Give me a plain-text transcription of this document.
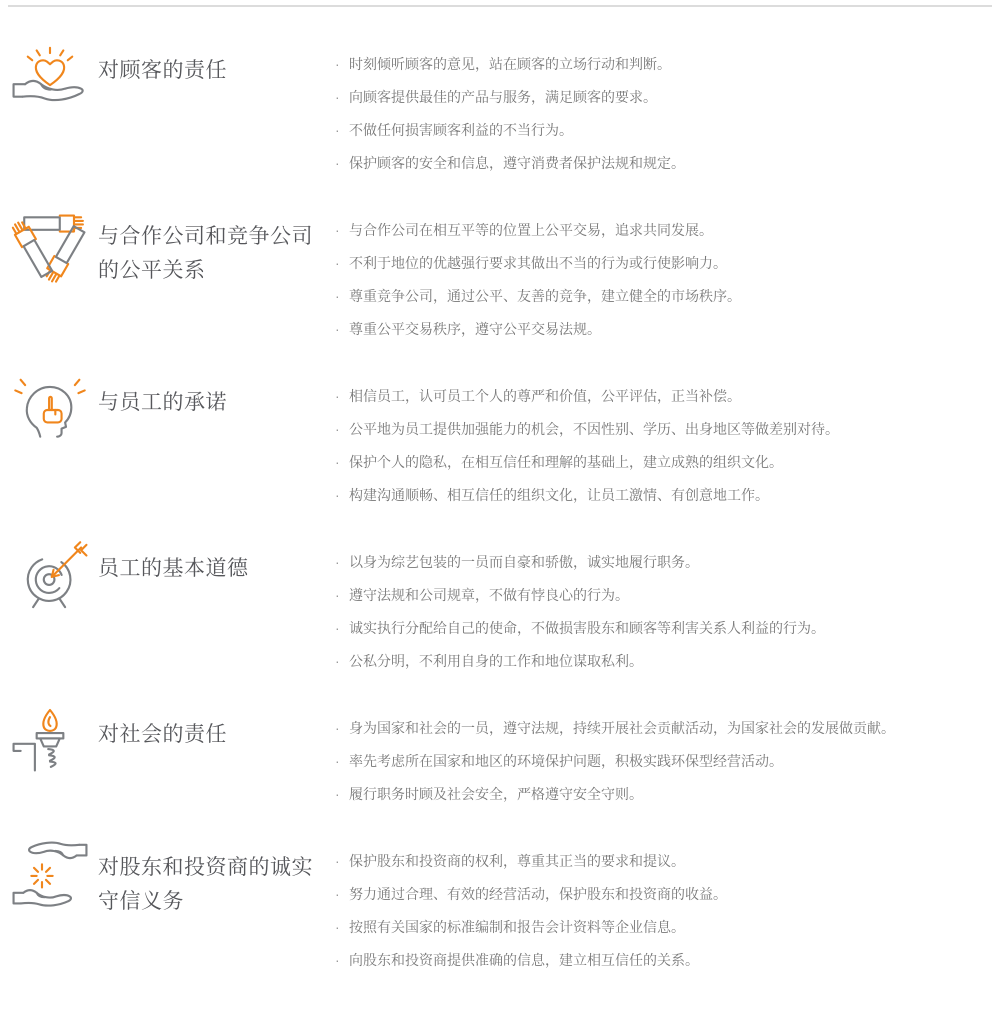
对顾客的责任	· 时刻倾听顾客的意见，站在顾客的立场行动和判断。
· 向顾客提供最佳的产品与服务，满足顾客的要求。
· 不做任何损害顾客利益的不当行为。
· 保护顾客的安全和信息，遵守消费者保护法规和规定。
与合作公司和竞争公司的公平关系
· 与合作公司在相互平等的位置上公平交易，追求共同发展。
· 不利于地位的优越强行要求其做出不当的行为或行使影响力。
· 尊重竞争公司，通过公平、友善的竞争，建立健全的市场秩序。
· 尊重公平交易秩序，遵守公平交易法规。
与员工的承诺	· 相信员工，认可员工个人的尊严和价值，公平评估，正当补偿。
· 公平地为员工提供加强能力的机会，不因性别、学历、出身地区等做差别对待。
· 保护个人的隐私，在相互信任和理解的基础上，建立成熟的组织文化。
· 构建沟通顺畅、相互信任的组织文化，让员工激情、有创意地工作。
员工的基本道德	· 以身为综艺包装的一员而自豪和骄傲，诚实地履行职务。
· 遵守法规和公司规章，不做有悖良心的行为。
· 诚实执行分配给自己的使命，不做损害股东和顾客等利害关系人利益的行为。
· 公私分明，不利用自身的工作和地位谋取私利。
对社会的责任	· 身为国家和社会的一员，遵守法规，持续开展社会贡献活动，为国家社会的发展做贡献。
· 率先考虑所在国家和地区的环境保护问题，积极实践环保型经营活动。
· 履行职务时顾及社会安全，严格遵守安全守则。
对股东和投资商的诚实守信义务
· 保护股东和投资商的权利，尊重其正当的要求和提议。
· 努力通过合理、有效的经营活动，保护股东和投资商的收益。
· 按照有关国家的标准编制和报告会计资料等企业信息。
· 向股东和投资商提供准确的信息，建立相互信任的关系。
